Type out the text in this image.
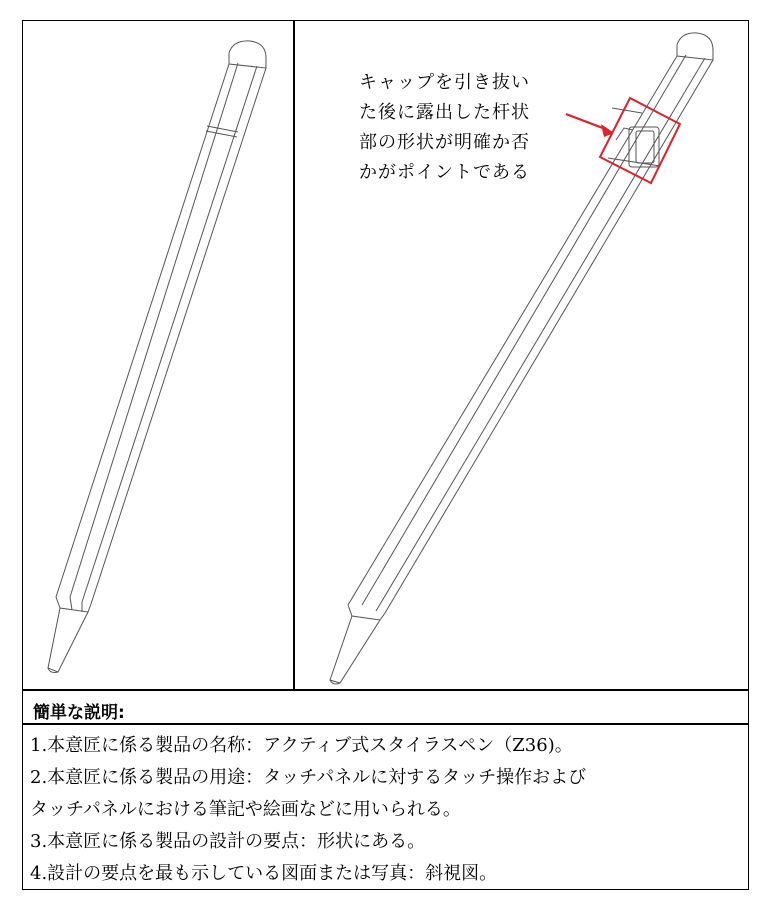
キャップを引き抜い
た後に露出した杆状
部の形状が明確か否
かがポイントである
簡単な説明:
1.本意匠に係る製品の名称：アクティブ式スタイラスペン（Z36)。
2.本意匠に係る製品の用途：タッチパネルに対するタッチ操作および
タッチパネルにおける筆記や絵画などに用いられる。
3.本意匠に係る製品の設計の要点：形状にある。
4.設計の要点を最も示している図面または写真：斜視図。
